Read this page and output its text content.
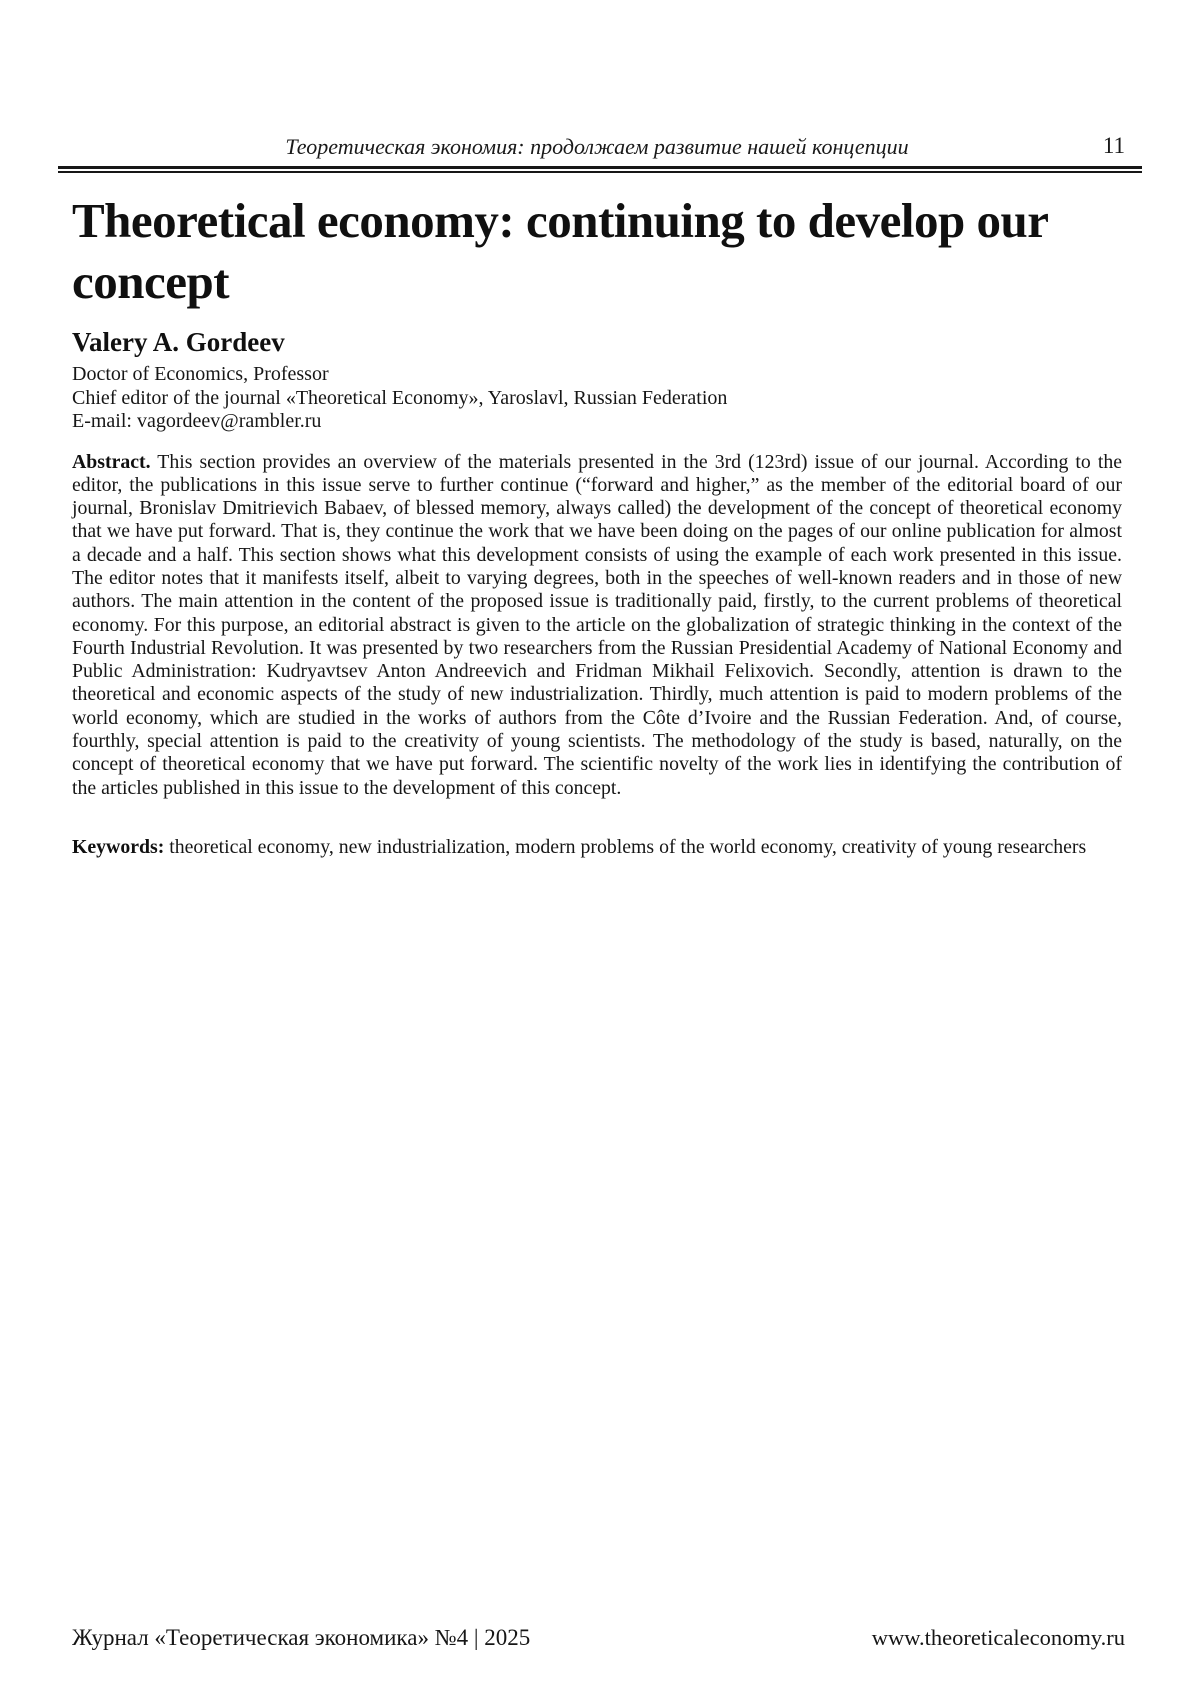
Теоретическая экономия: продолжаем развитие нашей концепции	11
Theoretical economy: continuing to develop our concept
Valery A. Gordeev
Doctor of Economics, Professor
Chief editor of the journal «Theoretical Economy», Yaroslavl, Russian Federation
E-mail: vagordeev@rambler.ru

Abstract. This section provides an overview of the materials presented in the 3rd (123rd) issue of our journal. According to the editor, the publications in this issue serve to further continue (“forward and higher,” as the member of the editorial board of our journal, Bronislav Dmitrievich Babaev, of blessed memory, always called) the development of the concept of theoretical economy that we have put forward. That is, they continue the work that we have been doing on the pages of our online publication for almost a decade and a half. This section shows what this development consists of using the example of each work presented in this issue. The editor notes that it manifests itself, albeit to varying degrees, both in the speeches of well-known readers and in those of new authors. The main attention in the content of the proposed issue is traditionally paid, firstly, to the current problems of theoretical economy. For this purpose, an editorial abstract is given to the article on the globalization of strategic thinking in the context of the Fourth Industrial Revolution. It was presented by two researchers from the Russian Presidential Academy of National Economy and Public Administration: Kudryavtsev Anton Andreevich and Fridman Mikhail Felixovich. Secondly, attention is drawn to the theoretical and economic aspects of the study of new industrialization. Thirdly, much attention is paid to modern problems of the world economy, which are studied in the works of authors from the Côte d’Ivoire and the Russian Federation. And, of course, fourthly, special attention is paid to the creativity of young scientists. The methodology of the study is based, naturally, on the concept of theoretical economy that we have put forward. The scientific novelty of the work lies in identifying the contribution of the articles published in this issue to the development of this concept.

Keywords: theoretical economy, new industrialization, modern problems of the world economy, creativity of young researchers

Журнал «Теоретическая экономика» №4 | 2025	www.theoreticaleconomy.ru
